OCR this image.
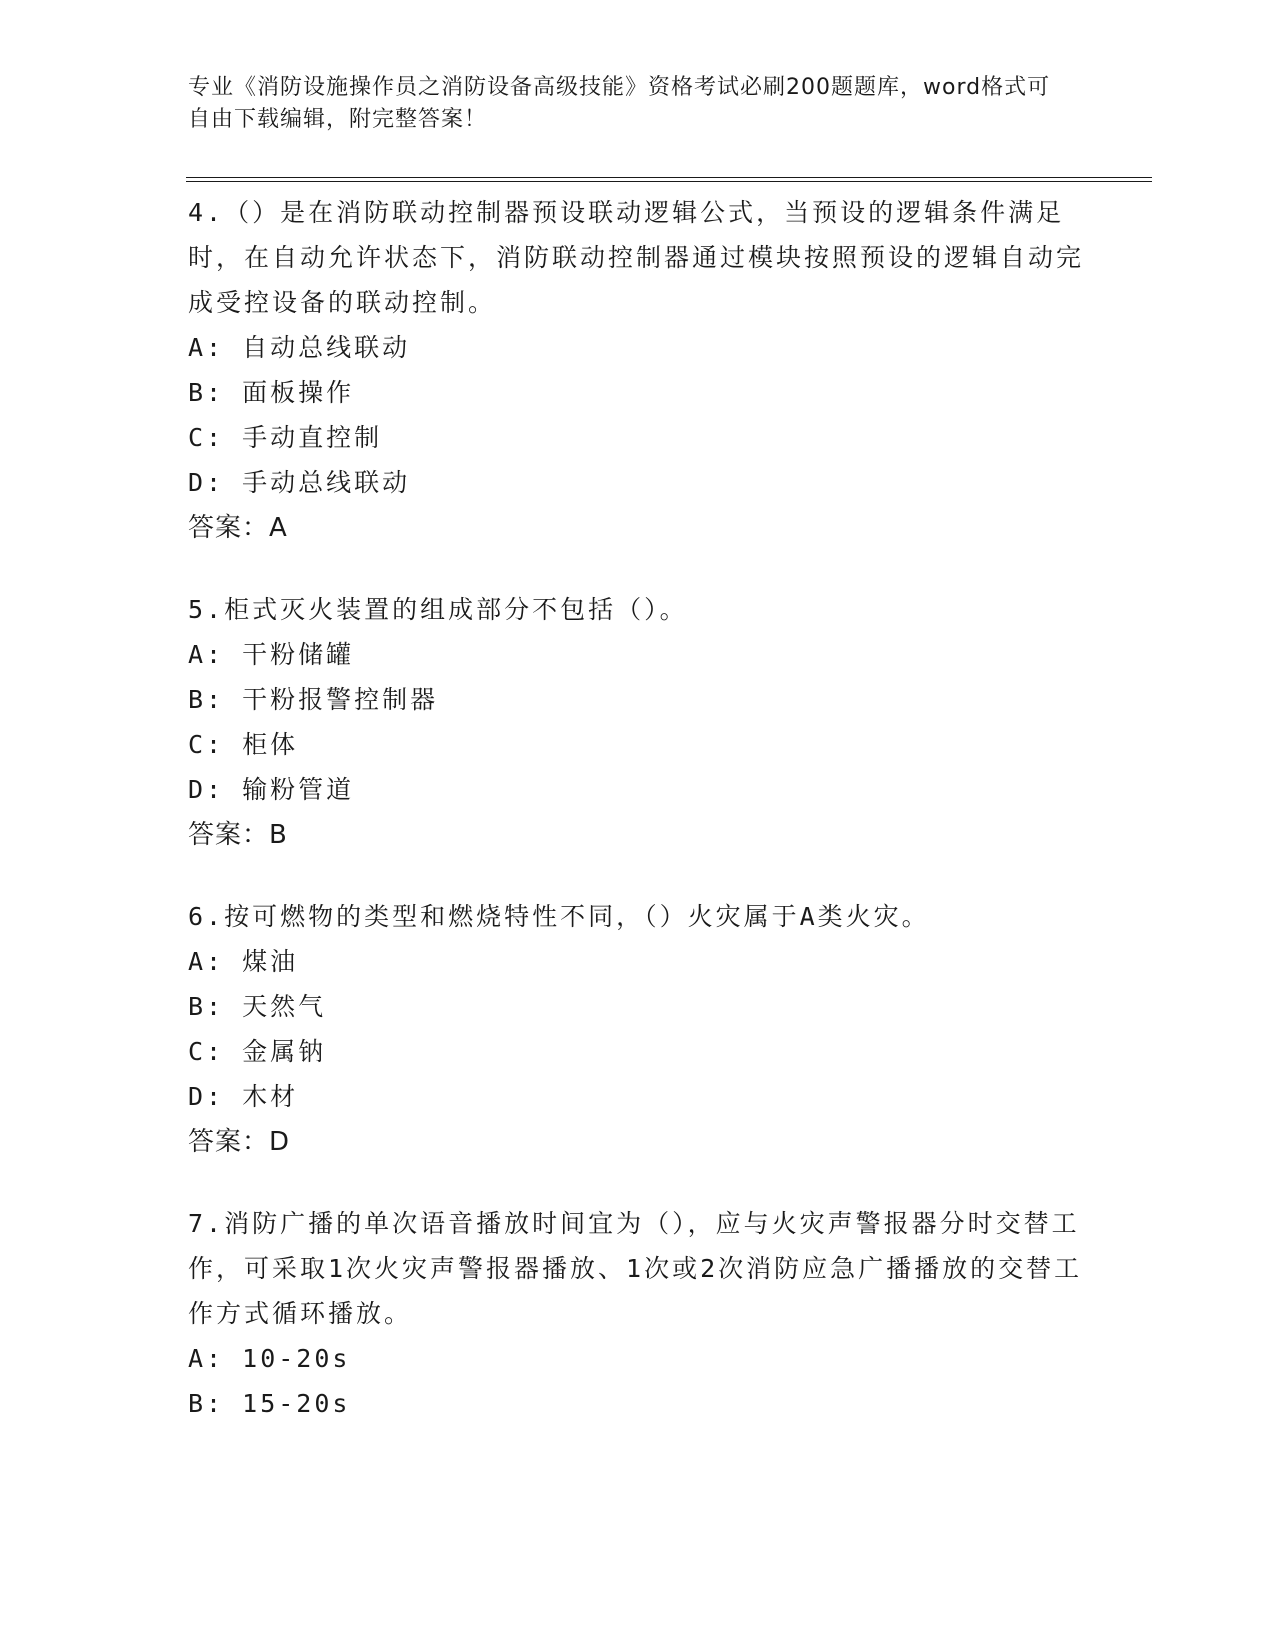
专业《消防设施操作员之消防设备高级技能》资格考试必刷200题题库，word格式可自由下载编辑，附完整答案！
4.（）是在消防联动控制器预设联动逻辑公式，当预设的逻辑条件满足时，在自动允许状态下，消防联动控制器通过模块按照预设的逻辑自动完成受控设备的联动控制。
A: 自动总线联动
B: 面板操作
C: 手动直控制
D: 手动总线联动
答案：A
5.柜式灭火装置的组成部分不包括（）。
A: 干粉储罐
B: 干粉报警控制器
C: 柜体
D: 输粉管道
答案：B
6.按可燃物的类型和燃烧特性不同，（）火灾属于A类火灾。
A: 煤油
B: 天然气
C: 金属钠
D: 木材
答案：D
7.消防广播的单次语音播放时间宜为（），应与火灾声警报器分时交替工作，可采取1次火灾声警报器播放、1次或2次消防应急广播播放的交替工作方式循环播放。
A: 10-20s
B: 15-20s
